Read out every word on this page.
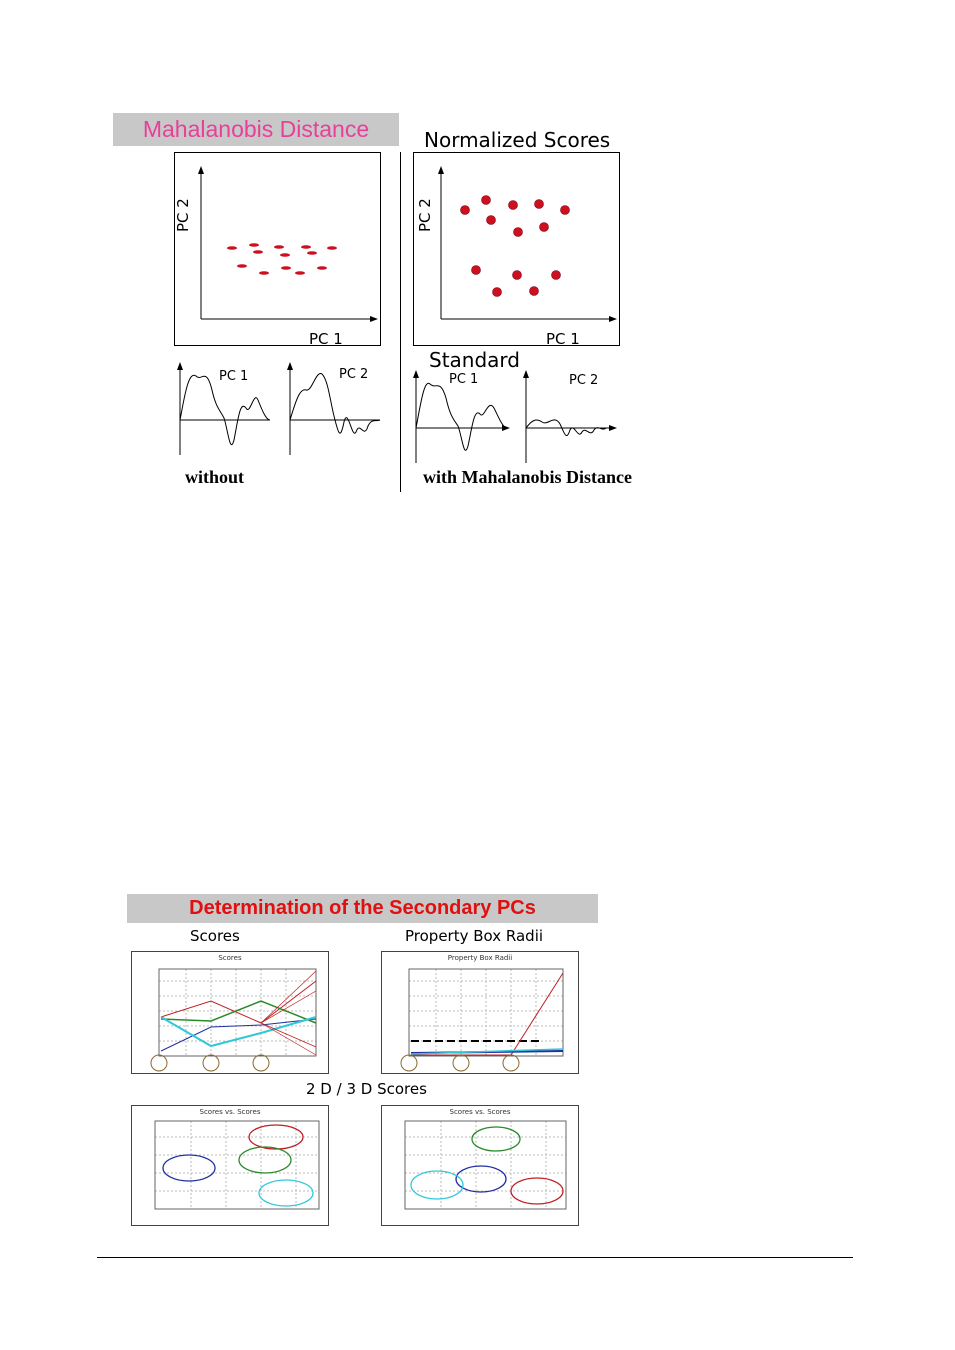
Mahalanobis Distance	Normalized Scores
PC 2
PC 1
PC 2
PC 1
Standard
PC 1	PC 2	PC 1	PC 2
without	with Mahalanobis Distance
Determination of the Secondary PCs
Scores	Property Box Radii
2 D / 3 D Scores
Scores	Property Box Radii
Scores vs. Scores	Scores vs. Scores
